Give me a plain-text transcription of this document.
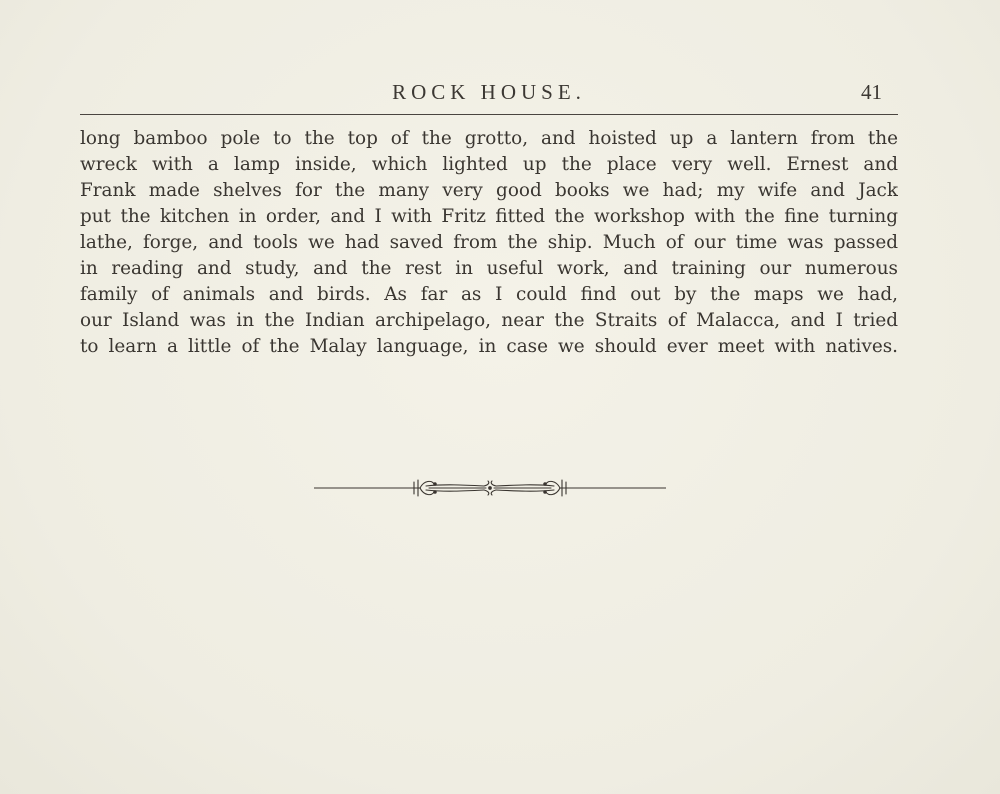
ROCK HOUSE.	41
long bamboo pole to the top of the grotto, and hoisted up a lantern from the
wreck with a lamp inside, which lighted up the place very well. Ernest and
Frank made shelves for the many very good books we had; my wife and Jack
put the kitchen in order, and I with Fritz fitted the workshop with the fine turning
lathe, forge, and tools we had saved from the ship. Much of our time was passed
in reading and study, and the rest in useful work, and training our numerous
family of animals and birds. As far as I could find out by the maps we had,
our Island was in the Indian archipelago, near the Straits of Malacca, and I tried
to learn a little of the Malay language, in case we should ever meet with natives.
